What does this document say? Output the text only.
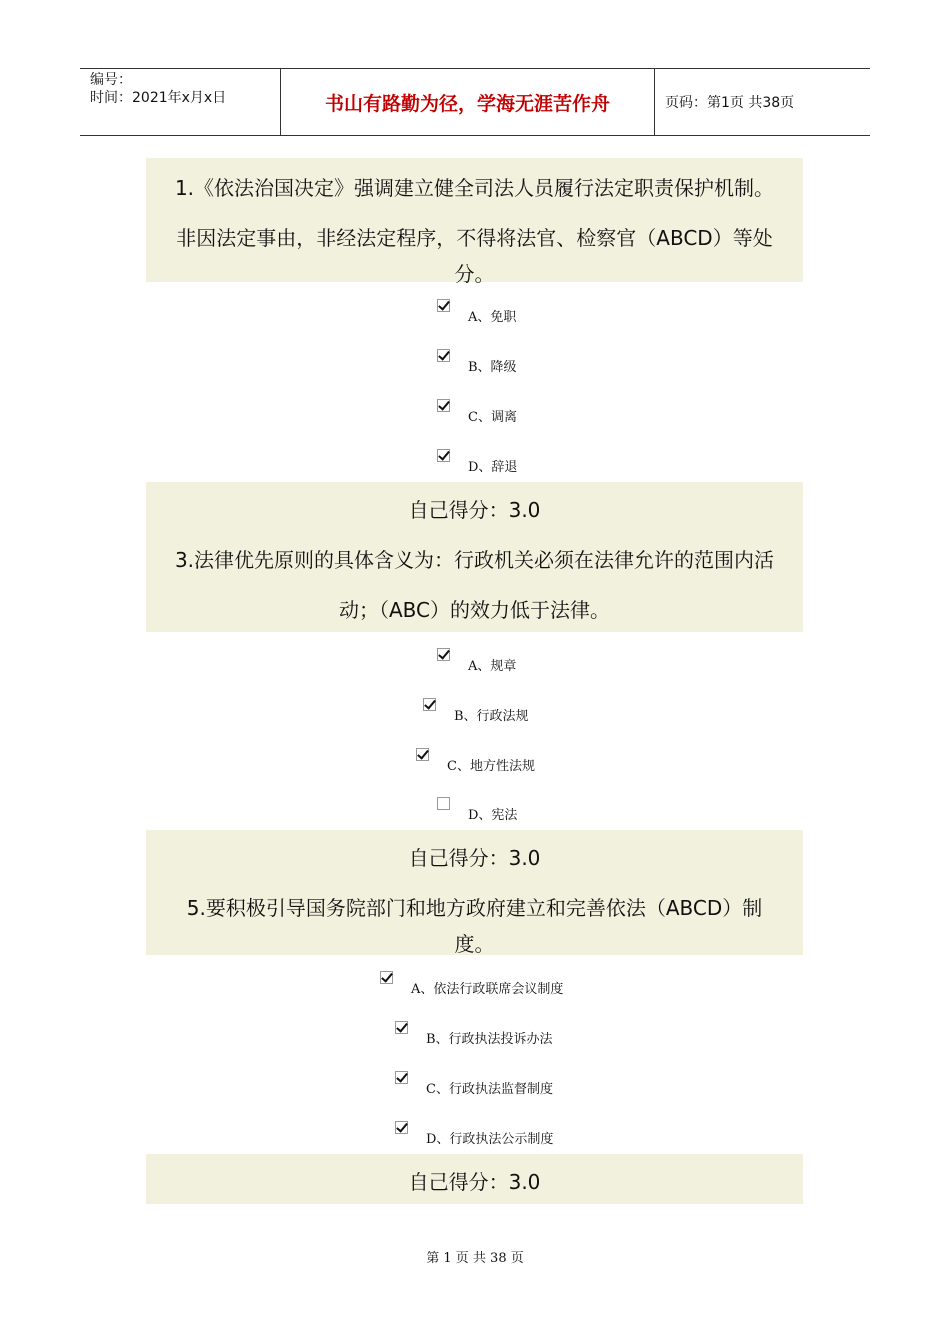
编号：
时间：2021年x月x日	书山有路勤为径，学海无涯苦作舟	页码：第1页 共38页
1.《依法治国决定》强调建立健全司法人员履行法定职责保护机制。
非因法定事由，非经法定程序，不得将法官、检察官（ABCD）等处
分。
A、免职
B、降级
C、调离
D、辞退
自己得分：3.0
3.法律优先原则的具体含义为：行政机关必须在法律允许的范围内活
动；（ABC）的效力低于法律。
A、规章
B、行政法规
C、地方性法规
D、宪法
自己得分：3.0
5.要积极引导国务院部门和地方政府建立和完善依法（ABCD）制
度。
A、依法行政联席会议制度
B、行政执法投诉办法
C、行政执法监督制度
D、行政执法公示制度
自己得分：3.0
第 1 页 共 38 页
